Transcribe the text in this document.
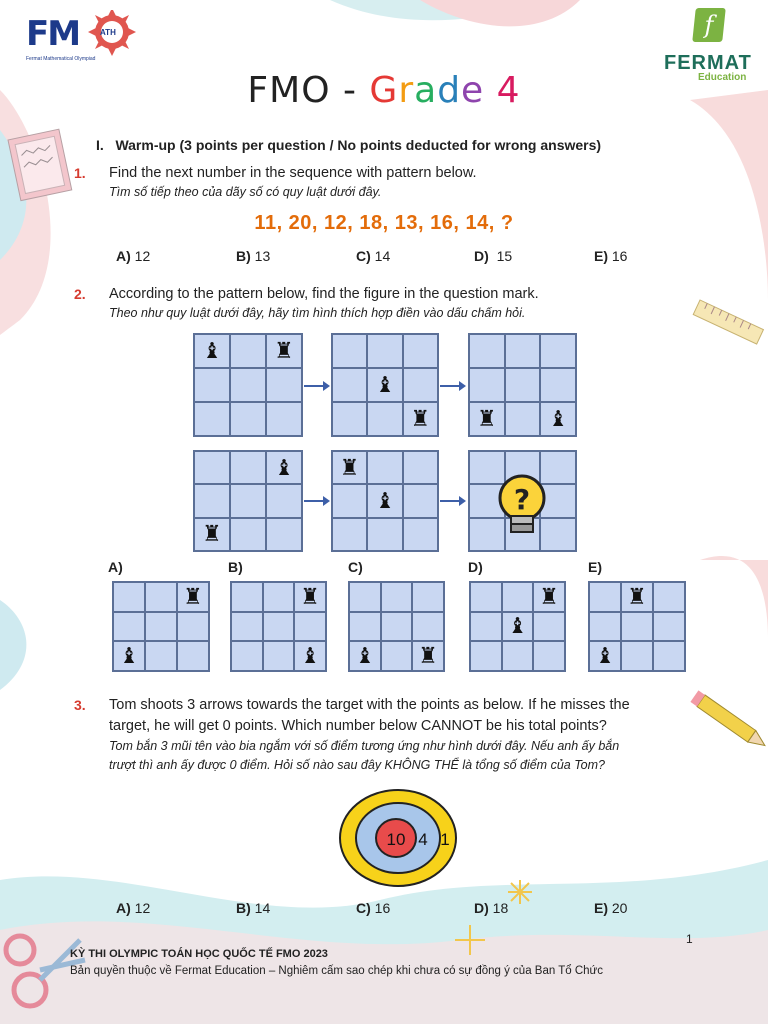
FM	ATH
Fermat Mathematical Olympiad
f
FERMAT
Education
FMO - Grade 4
I.   Warm-up (3 points per question / No points deducted for wrong answers)
1. Find the next number in the sequence with pattern below.
Tìm số tiếp theo của dãy số có quy luật dưới đây.
11, 20, 12, 18, 13, 16, 14, ?
A) 12	B) 13	C) 14	D) 15	E) 16
2. According to the pattern below, find the figure in the question mark.
Theo như quy luật dưới đây, hãy tìm hình thích hợp điền vào dấu chấm hỏi.
♝	♜
♝
♜	♜	♝
♝
♜
♜
♝	?
A)	B)	C)	D)	E)
♜
♝
♜
♝ ♝ ♜
♜
♝
♜
♝
3. Tom shoots 3 arrows towards the target with the points as below. If he misses the
target, he will get 0 points. Which number below CANNOT be his total points?
Tom bắn 3 mũi tên vào bia ngắm với số điểm tương ứng như hình dưới đây. Nếu anh ấy bắn
trượt thì anh ấy được 0 điểm. Hỏi số nào sau đây KHÔNG THỂ là tổng số điểm của Tom?
10 4 1
A) 12	B) 14	C) 16	D) 18	E) 20
1
KỲ THI OLYMPIC TOÁN HỌC QUỐC TẾ FMO 2023
Bản quyền thuộc về Fermat Education – Nghiêm cấm sao chép khi chưa có sự đồng ý của Ban Tổ Chức
